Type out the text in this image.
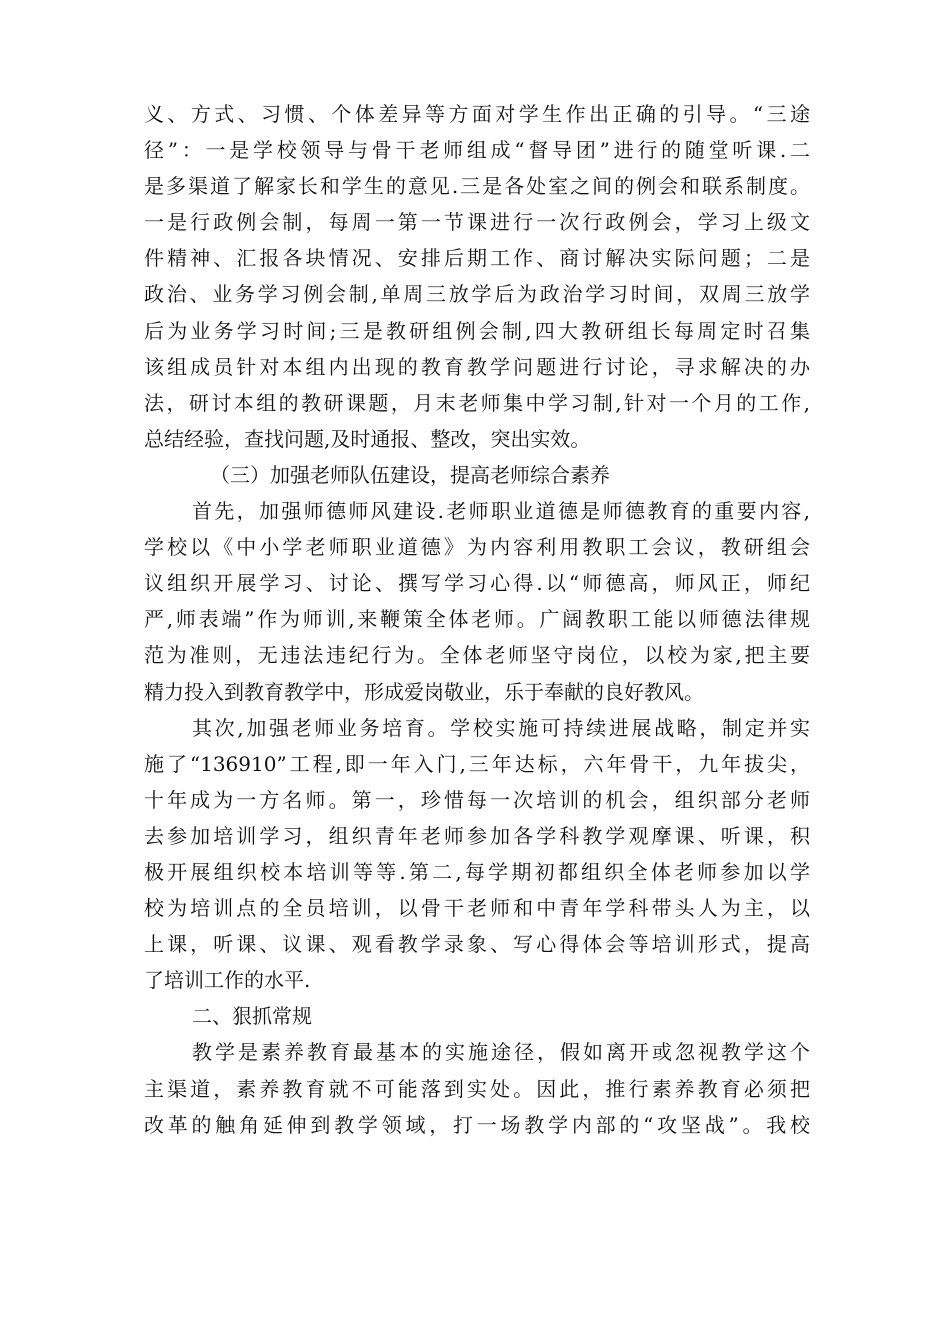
义、方式、习惯、个体差异等方面对学生作出正确的引导。“三途
径”：一是学校领导与骨干老师组成“督导团”进行的随堂听课.二
是多渠道了解家长和学生的意见.三是各处室之间的例会和联系制度。
一是行政例会制，每周一第一节课进行一次行政例会，学习上级文
件精神、汇报各块情况、安排后期工作、商讨解决实际问题；二是
政治、业务学习例会制,单周三放学后为政治学习时间，双周三放学
后为业务学习时间;三是教研组例会制,四大教研组长每周定时召集
该组成员针对本组内出现的教育教学问题进行讨论，寻求解决的办
法，研讨本组的教研课题，月末老师集中学习制,针对一个月的工作,
总结经验，查找问题,及时通报、整改，突出实效。
（三）加强老师队伍建设，提高老师综合素养
首先，加强师德师风建设.老师职业道德是师德教育的重要内容,
学校以《中小学老师职业道德》为内容利用教职工会议，教研组会
议组织开展学习、讨论、撰写学习心得.以“师德高，师风正，师纪
严,师表端”作为师训,来鞭策全体老师。广阔教职工能以师德法律规
范为准则，无违法违纪行为。全体老师坚守岗位，以校为家,把主要
精力投入到教育教学中，形成爱岗敬业，乐于奉献的良好教风。
其次,加强老师业务培育。学校实施可持续进展战略，制定并实
施了“136910”工程,即一年入门,三年达标，六年骨干，九年拔尖，
十年成为一方名师。第一，珍惜每一次培训的机会，组织部分老师
去参加培训学习，组织青年老师参加各学科教学观摩课、听课，积
极开展组织校本培训等等.第二,每学期初都组织全体老师参加以学
校为培训点的全员培训，以骨干老师和中青年学科带头人为主，以
上课，听课、议课、观看教学录象、写心得体会等培训形式，提高
了培训工作的水平.
二、狠抓常规
教学是素养教育最基本的实施途径，假如离开或忽视教学这个
主渠道，素养教育就不可能落到实处。因此，推行素养教育必须把
改革的触角延伸到教学领域，打一场教学内部的“攻坚战”。我校
